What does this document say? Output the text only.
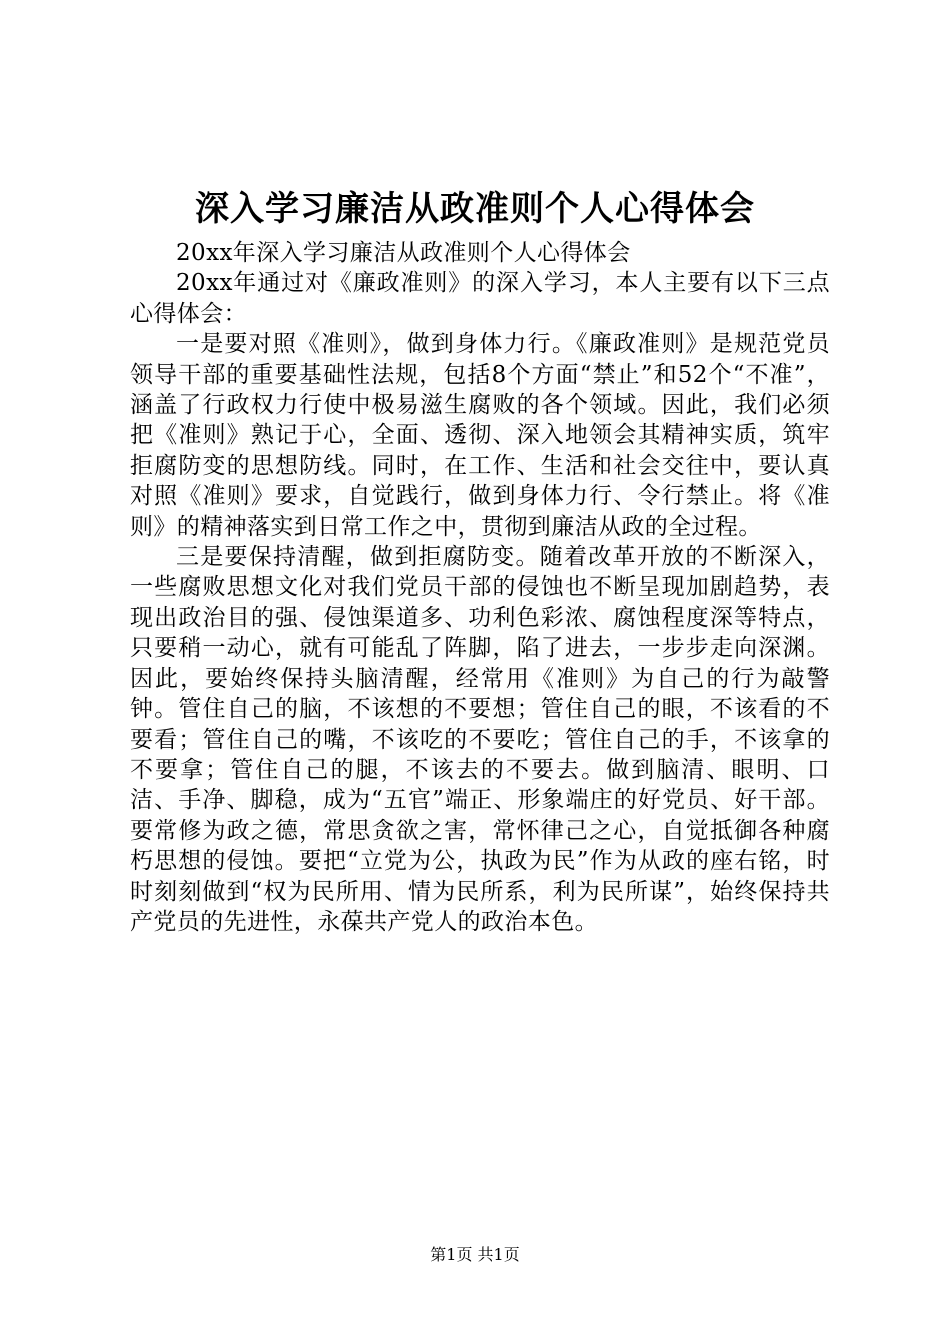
深入学习廉洁从政准则个人心得体会

20xx年深入学习廉洁从政准则个人心得体会

20xx年通过对《廉政准则》的深入学习，本人主要有以下三点心得体会：

一是要对照《准则》，做到身体力行。《廉政准则》是规范党员领导干部的重要基础性法规，包括8个方面“禁止”和52个“不准”，涵盖了行政权力行使中极易滋生腐败的各个领域。因此，我们必须把《准则》熟记于心，全面、透彻、深入地领会其精神实质，筑牢拒腐防变的思想防线。同时，在工作、生活和社会交往中，要认真对照《准则》要求，自觉践行，做到身体力行、令行禁止。将《准则》的精神落实到日常工作之中，贯彻到廉洁从政的全过程。

三是要保持清醒，做到拒腐防变。随着改革开放的不断深入，一些腐败思想文化对我们党员干部的侵蚀也不断呈现加剧趋势，表现出政治目的强、侵蚀渠道多、功利色彩浓、腐蚀程度深等特点，只要稍一动心，就有可能乱了阵脚，陷了进去，一步步走向深渊。因此，要始终保持头脑清醒，经常用《准则》为自己的行为敲警钟。管住自己的脑，不该想的不要想；管住自己的眼，不该看的不要看；管住自己的嘴，不该吃的不要吃；管住自己的手，不该拿的不要拿；管住自己的腿，不该去的不要去。做到脑清、眼明、口洁、手净、脚稳，成为“五官”端正、形象端庄的好党员、好干部。要常修为政之德，常思贪欲之害，常怀律己之心，自觉抵御各种腐朽思想的侵蚀。要把“立党为公，执政为民”作为从政的座右铭，时时刻刻做到“权为民所用、情为民所系，利为民所谋”，始终保持共产党员的先进性，永葆共产党人的政治本色。

第1页 共1页
